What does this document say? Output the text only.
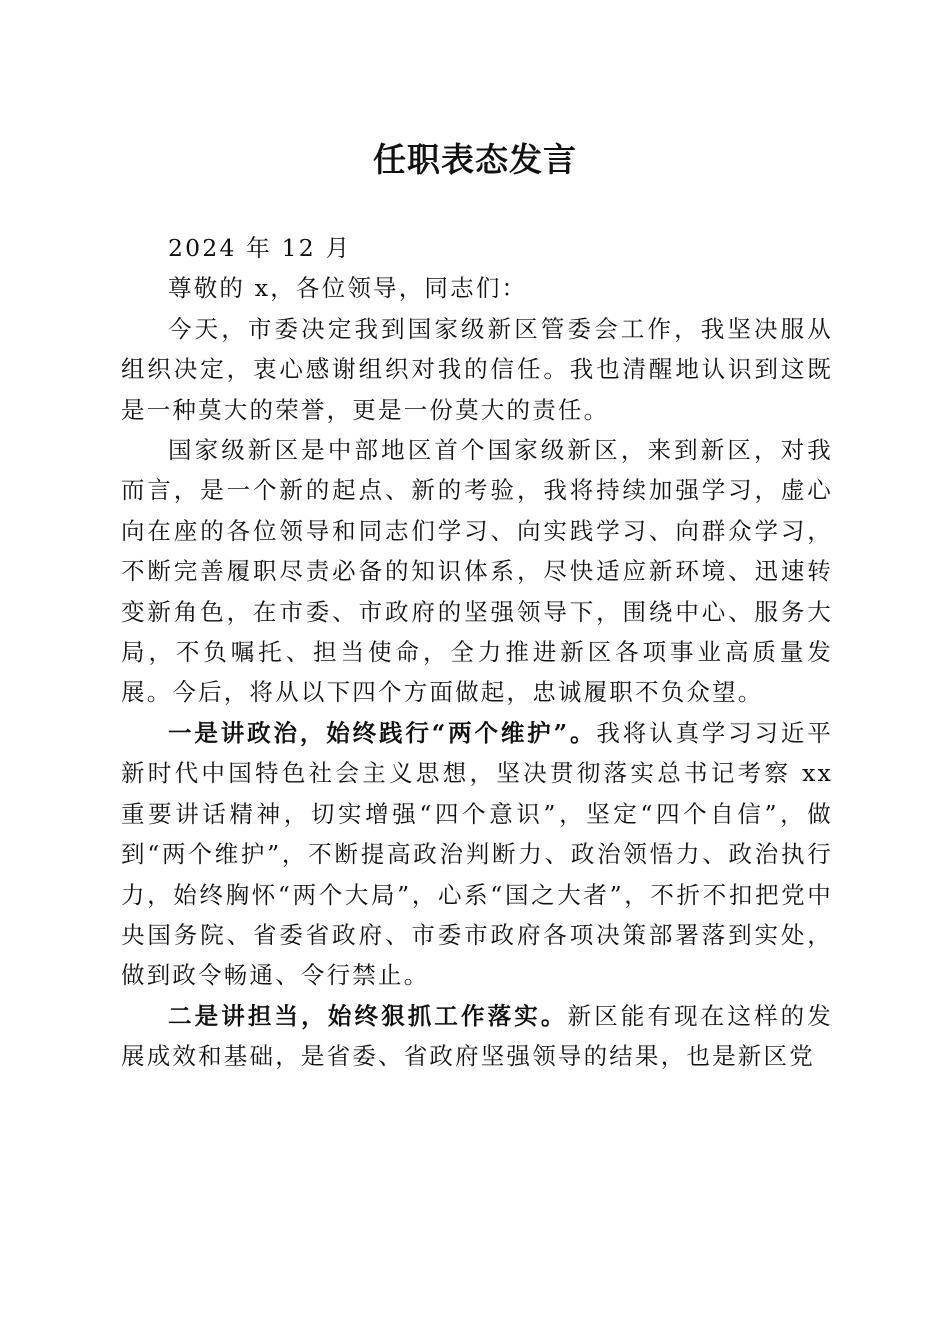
任职表态发言

2024 年 12 月

尊敬的 x，各位领导，同志们：

今天，市委决定我到国家级新区管委会工作，我坚决服从组织决定，衷心感谢组织对我的信任。我也清醒地认识到这既是一种莫大的荣誉，更是一份莫大的责任。

国家级新区是中部地区首个国家级新区，来到新区，对我而言，是一个新的起点、新的考验，我将持续加强学习，虚心向在座的各位领导和同志们学习、向实践学习、向群众学习，不断完善履职尽责必备的知识体系，尽快适应新环境、迅速转变新角色，在市委、市政府的坚强领导下，围绕中心、服务大局，不负嘱托、担当使命，全力推进新区各项事业高质量发展。今后，将从以下四个方面做起，忠诚履职不负众望。

一是讲政治，始终践行“两个维护”。我将认真学习习近平新时代中国特色社会主义思想，坚决贯彻落实总书记考察 xx 重要讲话精神，切实增强“四个意识”，坚定“四个自信”，做到“两个维护”，不断提高政治判断力、政治领悟力、政治执行力，始终胸怀“两个大局”，心系“国之大者”，不折不扣把党中央国务院、省委省政府、市委市政府各项决策部署落到实处，做到政令畅通、令行禁止。

二是讲担当，始终狠抓工作落实。新区能有现在这样的发展成效和基础，是省委、省政府坚强领导的结果，也是新区党
